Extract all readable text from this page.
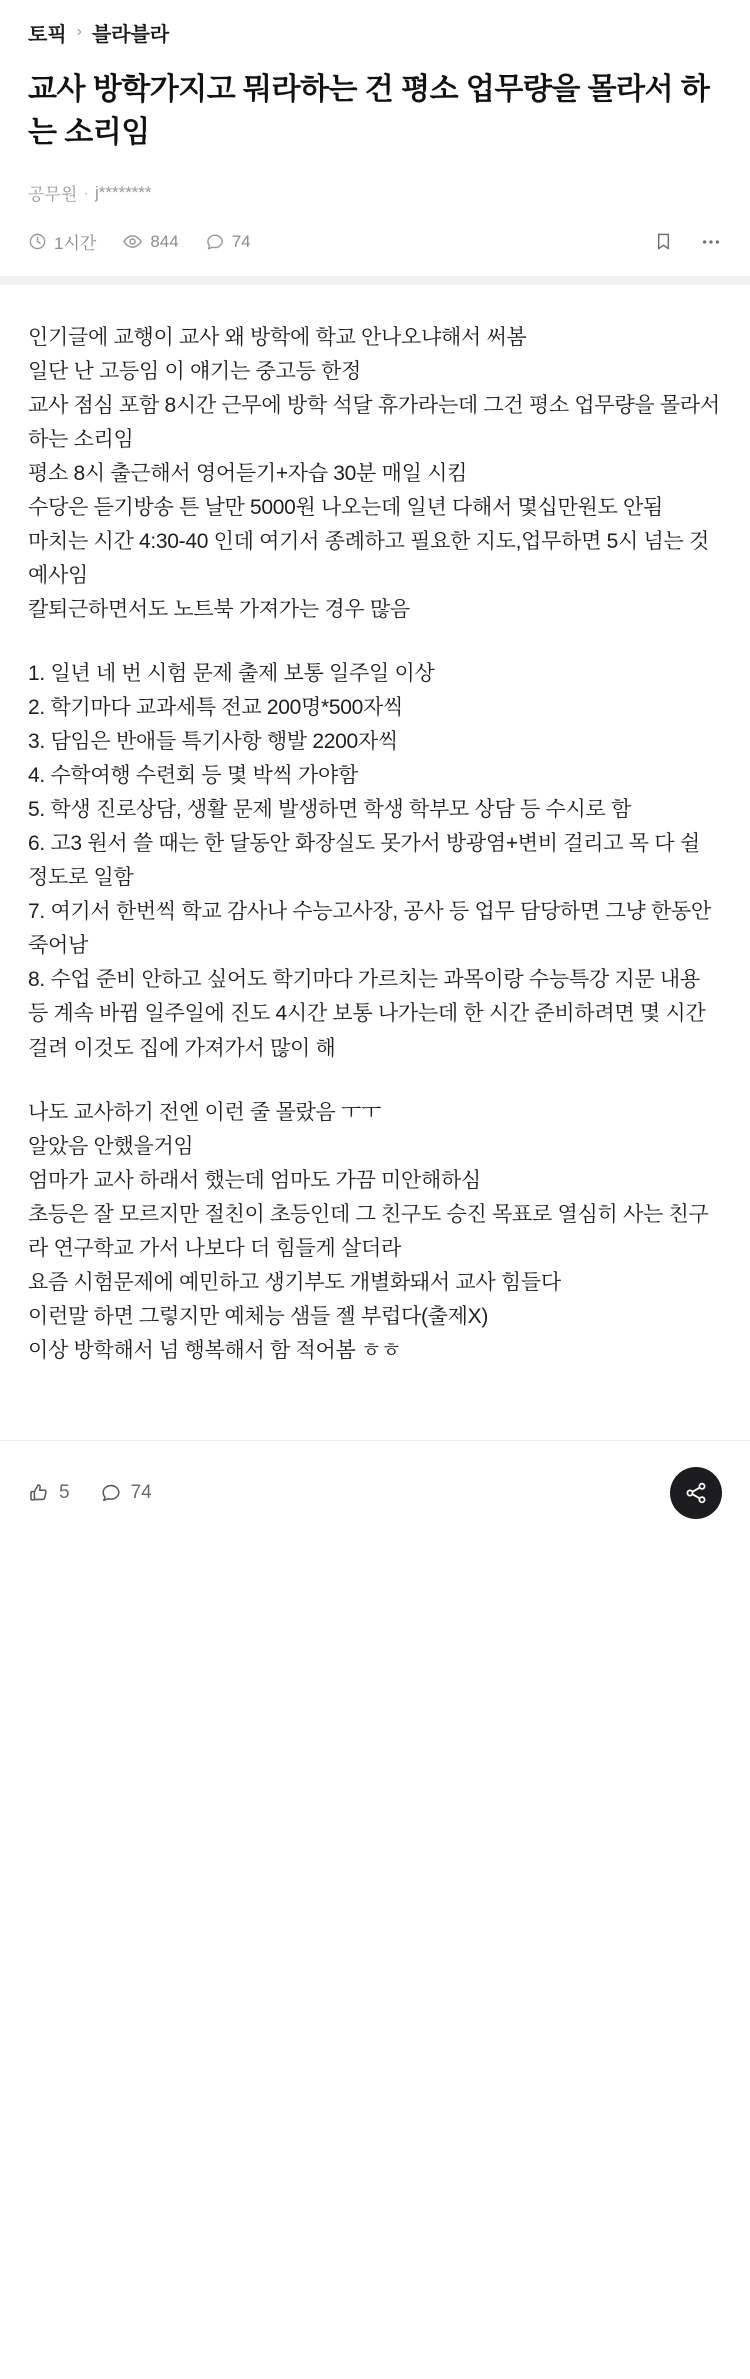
토픽 › 블라블라
교사 방학가지고 뭐라하는 건 평소 업무량을 몰라서 하는 소리임
공무원 · j********
1시간	844	74

인기글에 교행이 교사 왜 방학에 학교 안나오냐해서 써봄

일단 난 고등임 이 얘기는 중고등 한정

교사 점심 포함 8시간 근무에 방학 석달 휴가라는데 그건 평소 업무량을 몰라서 하는 소리임

평소 8시 출근해서 영어듣기+자습 30분 매일 시킴

수당은 듣기방송 튼 날만 5000원 나오는데 일년 다해서 몇십만원도 안됨

마치는 시간 4:30-40 인데 여기서 종례하고 필요한 지도,업무하면 5시 넘는 것 예사임

칼퇴근하면서도 노트북 가져가는 경우 많음

1. 일년 네 번 시험 문제 출제 보통 일주일 이상

2. 학기마다 교과세특 전교 200명*500자씩

3. 담임은 반애들 특기사항 행발 2200자씩

4. 수학여행 수련회 등 몇 박씩 가야함

5. 학생 진로상담, 생활 문제 발생하면 학생 학부모 상담 등 수시로 함

6. 고3 원서 쓸 때는 한 달동안 화장실도 못가서 방광염+변비 걸리고 목 다 쉴 정도로 일함

7. 여기서 한번씩 학교 감사나 수능고사장, 공사 등 업무 담당하면 그냥 한동안 죽어남

8. 수업 준비 안하고 싶어도 학기마다 가르치는 과목이랑 수능특강 지문 내용 등 계속 바뀜 일주일에 진도 4시간 보통 나가는데 한 시간 준비하려면 몇 시간 걸려 이것도 집에 가져가서 많이 해

나도 교사하기 전엔 이런 줄 몰랐음 ㅜㅜ

알았음 안했을거임

엄마가 교사 하래서 했는데 엄마도 가끔 미안해하심

초등은 잘 모르지만 절친이 초등인데 그 친구도 승진 목표로 열심히 사는 친구라 연구학교 가서 나보다 더 힘들게 살더라

요즘 시험문제에 예민하고 생기부도 개별화돼서 교사 힘들다

이런말 하면 그렇지만 예체능 샘들 젤 부럽다(출제X)

이상 방학해서 넘 행복해서 함 적어봄 ㅎㅎ

5	74
